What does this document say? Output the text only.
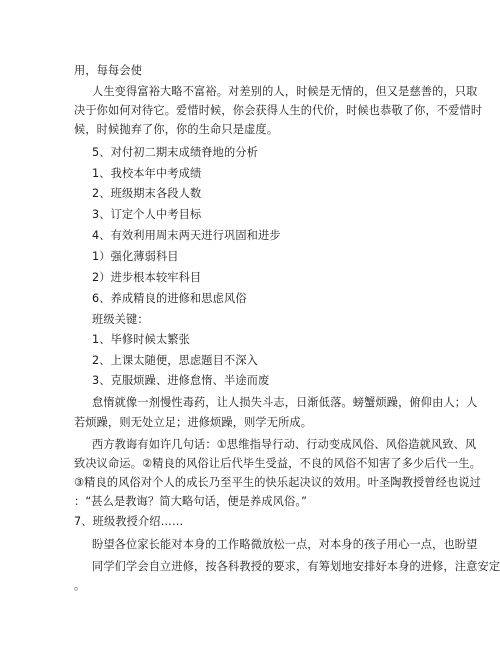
用，每每会使
人生变得富裕大略不富裕。对差别的人，时候是无情的，但又是慈善的，只取
决于你如何对待它。爱惜时候，你会获得人生的代价，时候也恭敬了你，不爱惜时
候，时候抛弃了你，你的生命只是虚度。
5、对付初二期末成绩脊地的分析
1、我校本年中考成绩
2、班级期末各段人数
3、订定个人中考目标
4、有效利用周末两天进行巩固和进步
1）强化薄弱科目
2）进步根本较牢科目
6、养成精良的进修和思虑风俗
班级关键：
1、毕修时候太繁张
2、上课太随便，思虑题目不深入
3、克服烦躁、进修怠惰、半途而废
怠惰就像一剂慢性毒药，让人损失斗志，日渐低落。螃蟹烦躁，俯仰由人；人
若烦躁，则无处立足；进修烦躁，则学无所成。
西方教诲有如许几句话：①思维指导行动、行动变成风俗、风俗造就风致、风
致决议命运。②精良的风俗让后代毕生受益，不良的风俗不知害了多少后代一生。
③精良的风俗对个人的成长乃至平生的快乐起决议的效用。叶圣陶教授曾经也说过
：“甚么是教诲？简大略句话，便是养成风俗。”
7、班级教授介绍……
盼望各位家长能对本身的工作略微放松一点，对本身的孩子用心一点，也盼望
同学们学会自立进修，按各科教授的要求，有筹划地安排好本身的进修，注意安定
。
